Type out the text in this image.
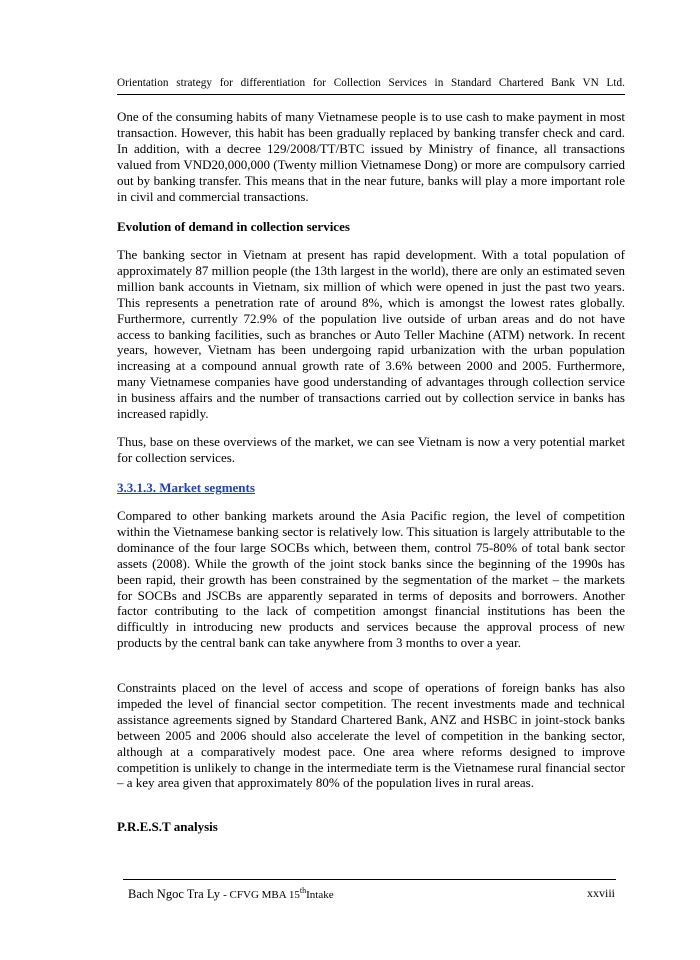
Orientation strategy for differentiation for Collection Services in Standard Chartered Bank VN Ltd.

One of the consuming habits of many Vietnamese people is to use cash to make payment in most transaction. However, this habit has been gradually replaced by banking transfer check and card. In addition, with a decree 129/2008/TT/BTC issued by Ministry of finance, all transactions valued from VND20,000,000 (Twenty million Vietnamese Dong) or more are compulsory carried out by banking transfer. This means that in the near future, banks will play a more important role in civil and commercial transactions.

Evolution of demand in collection services

The banking sector in Vietnam at present has rapid development. With a total population of approximately 87 million people (the 13th largest in the world), there are only an estimated seven million bank accounts in Vietnam, six million of which were opened in just the past two years. This represents a penetration rate of around 8%, which is amongst the lowest rates globally. Furthermore, currently 72.9% of the population live outside of urban areas and do not have access to banking facilities, such as branches or Auto Teller Machine (ATM) network. In recent years, however, Vietnam has been undergoing rapid urbanization with the urban population increasing at a compound annual growth rate of 3.6% between 2000 and 2005. Furthermore, many Vietnamese companies have good understanding of advantages through collection service in business affairs and the number of transactions carried out by collection service in banks has increased rapidly.

Thus, base on these overviews of the market, we can see Vietnam is now a very potential market for collection services.

3.3.1.3. Market segments

Compared to other banking markets around the Asia Pacific region, the level of competition within the Vietnamese banking sector is relatively low. This situation is largely attributable to the dominance of the four large SOCBs which, between them, control 75-80% of total bank sector assets (2008). While the growth of the joint stock banks since the beginning of the 1990s has been rapid, their growth has been constrained by the segmentation of the market – the markets for SOCBs and JSCBs are apparently separated in terms of deposits and borrowers. Another factor contributing to the lack of competition amongst financial institutions has been the difficultly in introducing new products and services because the approval process of new products by the central bank can take anywhere from 3 months to over a year.

Constraints placed on the level of access and scope of operations of foreign banks has also impeded the level of financial sector competition. The recent investments made and technical assistance agreements signed by Standard Chartered Bank, ANZ and HSBC in joint-stock banks between 2005 and 2006 should also accelerate the level of competition in the banking sector, although at a comparatively modest pace. One area where reforms designed to improve competition is unlikely to change in the intermediate term is the Vietnamese rural financial sector – a key area given that approximately 80% of the population lives in rural areas.

P.R.E.S.T analysis
Bach Ngoc Tra Ly - CFVG MBA 15thIntake	xxviii
